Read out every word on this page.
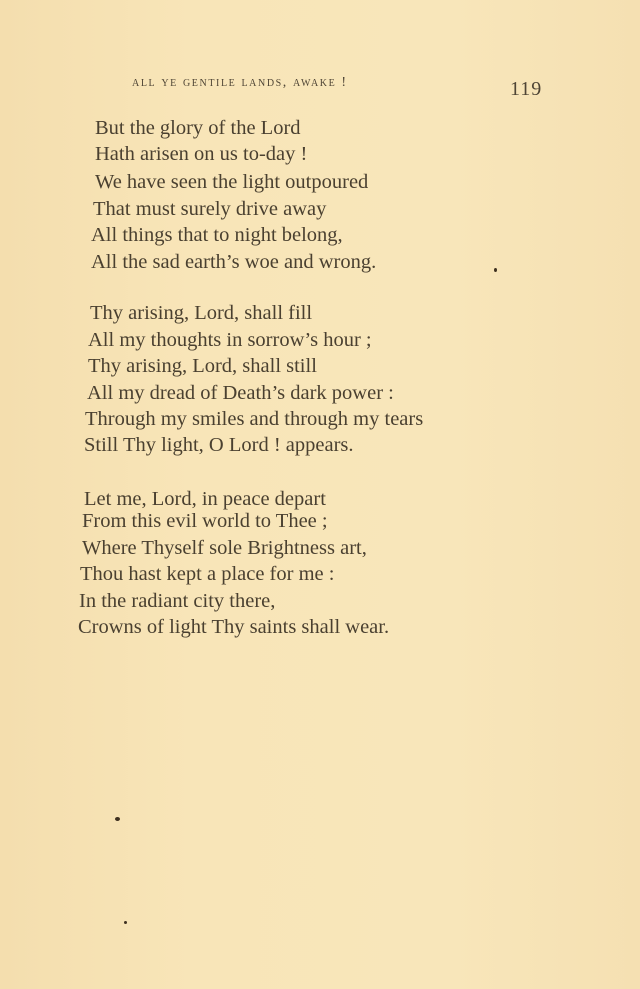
all ye gentile lands, awake !	119
But the glory of the Lord
Hath arisen on us to-day !
We have seen the light outpoured
That must surely drive away
All things that to night belong,
All the sad earth’s woe and wrong.
Thy arising, Lord, shall fill
All my thoughts in sorrow’s hour ;
Thy arising, Lord, shall still
All my dread of Death’s dark power :
Through my smiles and through my tears
Still Thy light, O Lord ! appears.
Let me, Lord, in peace depart
From this evil world to Thee ;
Where Thyself sole Brightness art,
Thou hast kept a place for me :
In the radiant city there,
Crowns of light Thy saints shall wear.
